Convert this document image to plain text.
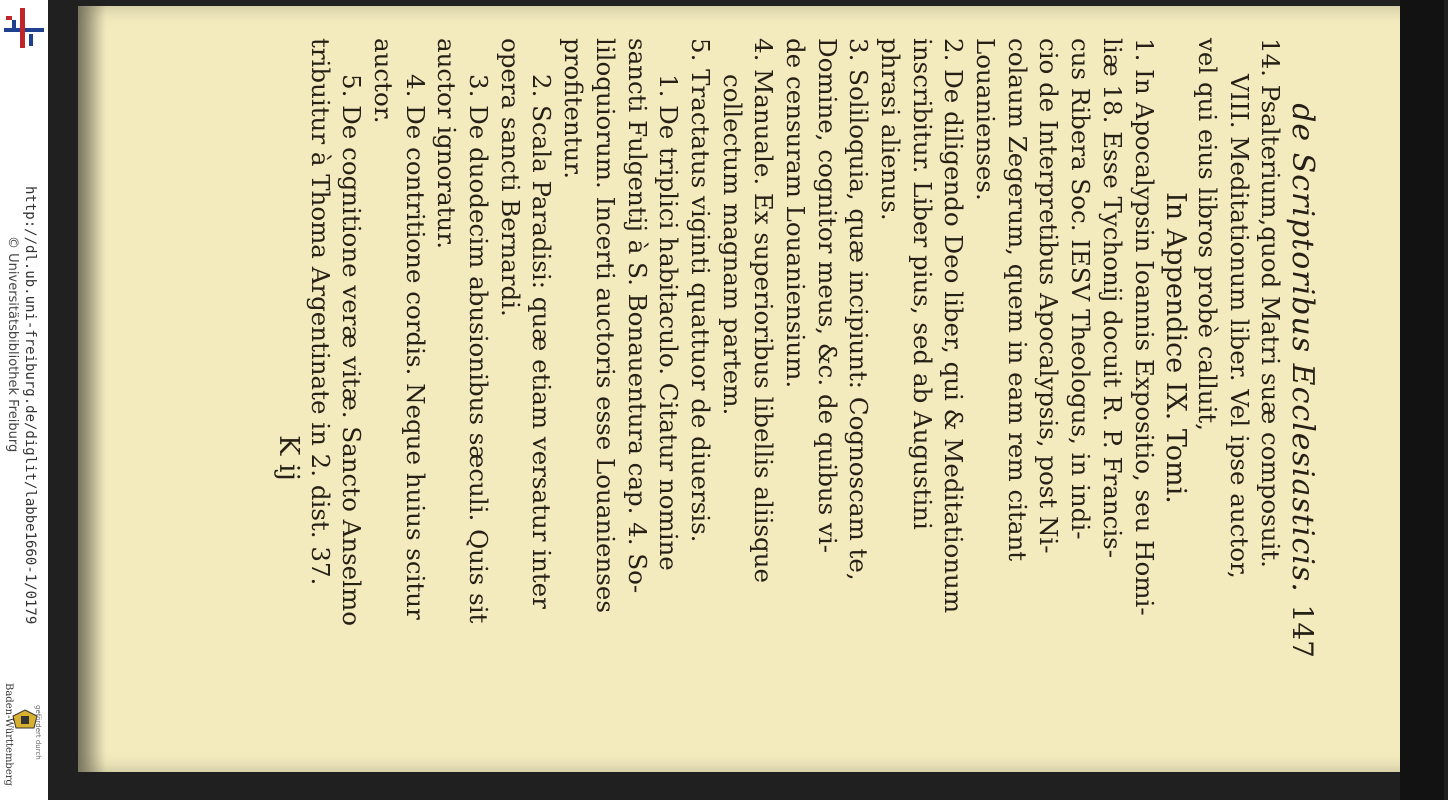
http://dl.ub.uni-freiburg.de/diglit/labbe1660-1/0179
© Universitätsbibliothek Freiburg
gefördert durch
Baden-Württemberg
de Scriptoribus Ecclesiasticis.
147
14. Psalterium,quod Matri suæ composuit.
VIII. Meditationum liber. Vel ipse auctor,
vel qui eius libros probè calluit,
In Appendice IX. Tomi.
1. In Apocalypsin Ioannis Expositio, seu Homi-
liæ 18. Esse Tychonij docuit R. P. Francis-
cus Ribera Soc. IESV Theologus, in indi-
cio de Interpretibus Apocalypsis, post Ni-
colaum Zegerum, quem in eam rem citant
Louanienses.
2. De diligendo Deo liber, qui & Meditationum
inscribitur. Liber pius, sed ab Augustini
phrasi alienus.
3. Soliloquia, quæ incipiunt: Cognoscam te,
Domine, cognitor meus, &c. de quibus vi-
de censuram Louaniensium.
4. Manuale. Ex superioribus libellis aliisque
collectum magnam partem.
5. Tractatus viginti quattuor de diuersis.
1. De triplici habitaculo. Citatur nomine
sancti Fulgentij à S. Bonauentura cap. 4. So-
liloquiorum. Incerti auctoris esse Louanienses
profitentur.
2. Scala Paradisi: quæ etiam versatur inter
opera sancti Bernardi.
3. De duodecim abusionibus sæculi. Quis sit
auctor ignoratur.
4. De contritione cordis. Neque huius scitur
auctor.
5. De cognitione veræ vitæ. Sancto Anselmo
tribuitur à Thoma Argentinate in 2. dist. 37.
K ij
